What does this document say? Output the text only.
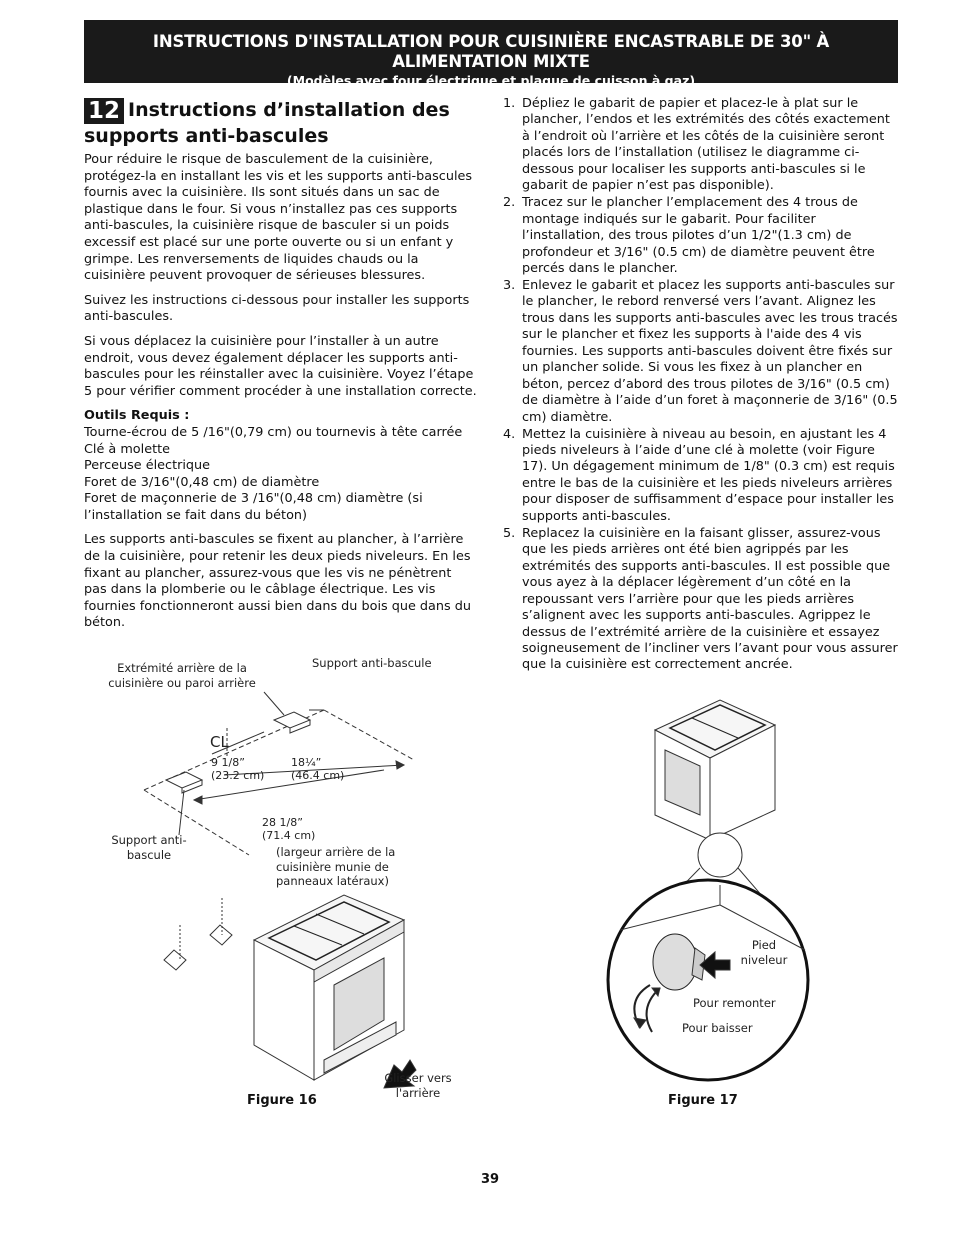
INSTRUCTIONS D'INSTALLATION POUR CUISINIÈRE ENCASTRABLE DE 30" À ALIMENTATION MIXTE
(Modèles avec four électrique et plaque de cuisson à gaz)
12 Instructions d’installation des
supports anti-bascules

Pour réduire le risque de basculement de la cuisinière, protégez-la en installant les vis et les supports anti-bascules fournis avec la cuisinière. Ils sont situés dans un sac de plastique dans le four. Si vous n’installez pas ces supports anti-bascules, la cuisinière risque de basculer si un poids excessif est placé sur une porte ouverte ou si un enfant y grimpe. Les renversements de liquides chauds ou la cuisinière peuvent provoquer de sérieuses blessures.

Suivez les instructions ci-dessous pour installer les supports anti-bascules.

Si vous déplacez la cuisinière pour l’installer à un autre endroit, vous devez également déplacer les supports anti-bascules pour les réinstaller avec la cuisinière. Voyez l’étape 5 pour vérifier comment procéder à une installation correcte.

Outils Requis :
Tourne-écrou de 5 /16"(0,79 cm) ou tournevis à tête carrée
Clé à molette
Perceuse électrique
Foret de 3/16"(0,48 cm) de diamètre
Foret de maçonnerie de 3 /16"(0,48 cm) diamètre (si l’installation se fait dans du béton)

Les supports anti-bascules se fixent au plancher, à l’arrière de la cuisinière, pour retenir les deux pieds niveleurs. En les fixant au plancher, assurez-vous que les vis ne pénètrent pas dans la plomberie ou le câblage électrique. Les vis fournies fonctionneront aussi bien dans du bois que dans du béton.

1. Dépliez le gabarit de papier et placez-le à plat sur le plancher, l’endos et les extrémités des côtés exactement à l’endroit où l’arrière et les côtés de la cuisinière seront placés lors de l’installation (utilisez le diagramme ci-dessous pour localiser les supports anti-bascules si le gabarit de papier n’est pas disponible).
2. Tracez sur le plancher l’emplacement des 4 trous de montage indiqués sur le gabarit. Pour faciliter l’installation, des trous pilotes d’un 1/2"(1.3 cm) de profondeur et 3/16" (0.5 cm) de diamètre peuvent être percés dans le plancher.
3. Enlevez le gabarit et placez les supports anti-bascules sur le plancher, le rebord renversé vers l’avant. Alignez les trous dans les supports anti-bascules avec les trous tracés sur le plancher et fixez les supports à l'aide des 4 vis fournies. Les supports anti-bascules doivent être fixés sur un plancher solide. Si vous les fixez à un plancher en béton, percez d’abord des trous pilotes de 3/16" (0.5 cm) de diamètre à l’aide d’un foret à maçonnerie de 3/16" (0.5 cm) diamètre.
4. Mettez la cuisinière à niveau au besoin, en ajustant les 4 pieds niveleurs à l’aide d’une clé à molette (voir Figure 17). Un dégagement minimum de 1/8" (0.3 cm) est requis entre le bas de la cuisinière et les pieds niveleurs arrières pour disposer de suffisamment d’espace pour installer les supports anti-bascules.
5. Replacez la cuisinière en la faisant glisser, assurez-vous que les pieds arrières ont été bien agrippés par les extrémités des supports anti-bascules. Il est possible que vous ayez à la déplacer légèrement d’un côté en la repoussant vers l’arrière pour que les pieds arrières s’alignent avec les supports anti-bascules. Agrippez le dessus de l’extrémité arrière de la cuisinière et essayez soigneusement de l’incliner vers l’avant pour vous assurer que la cuisinière est correctement ancrée.
Extrémité arrière de la cuisinière ou paroi arrière
Support anti-bascule
CL
9 1/8”
(23.2 cm)
18¼”
(46.4 cm)
28 1/8”
(71.4 cm)
(largeur arrière de la cuisinière munie de panneaux latéraux)
Support anti-bascule
Glisser vers l'arrière
Figure 16
Pied niveleur
Pour remonter
Pour baisser
Figure 17
39
